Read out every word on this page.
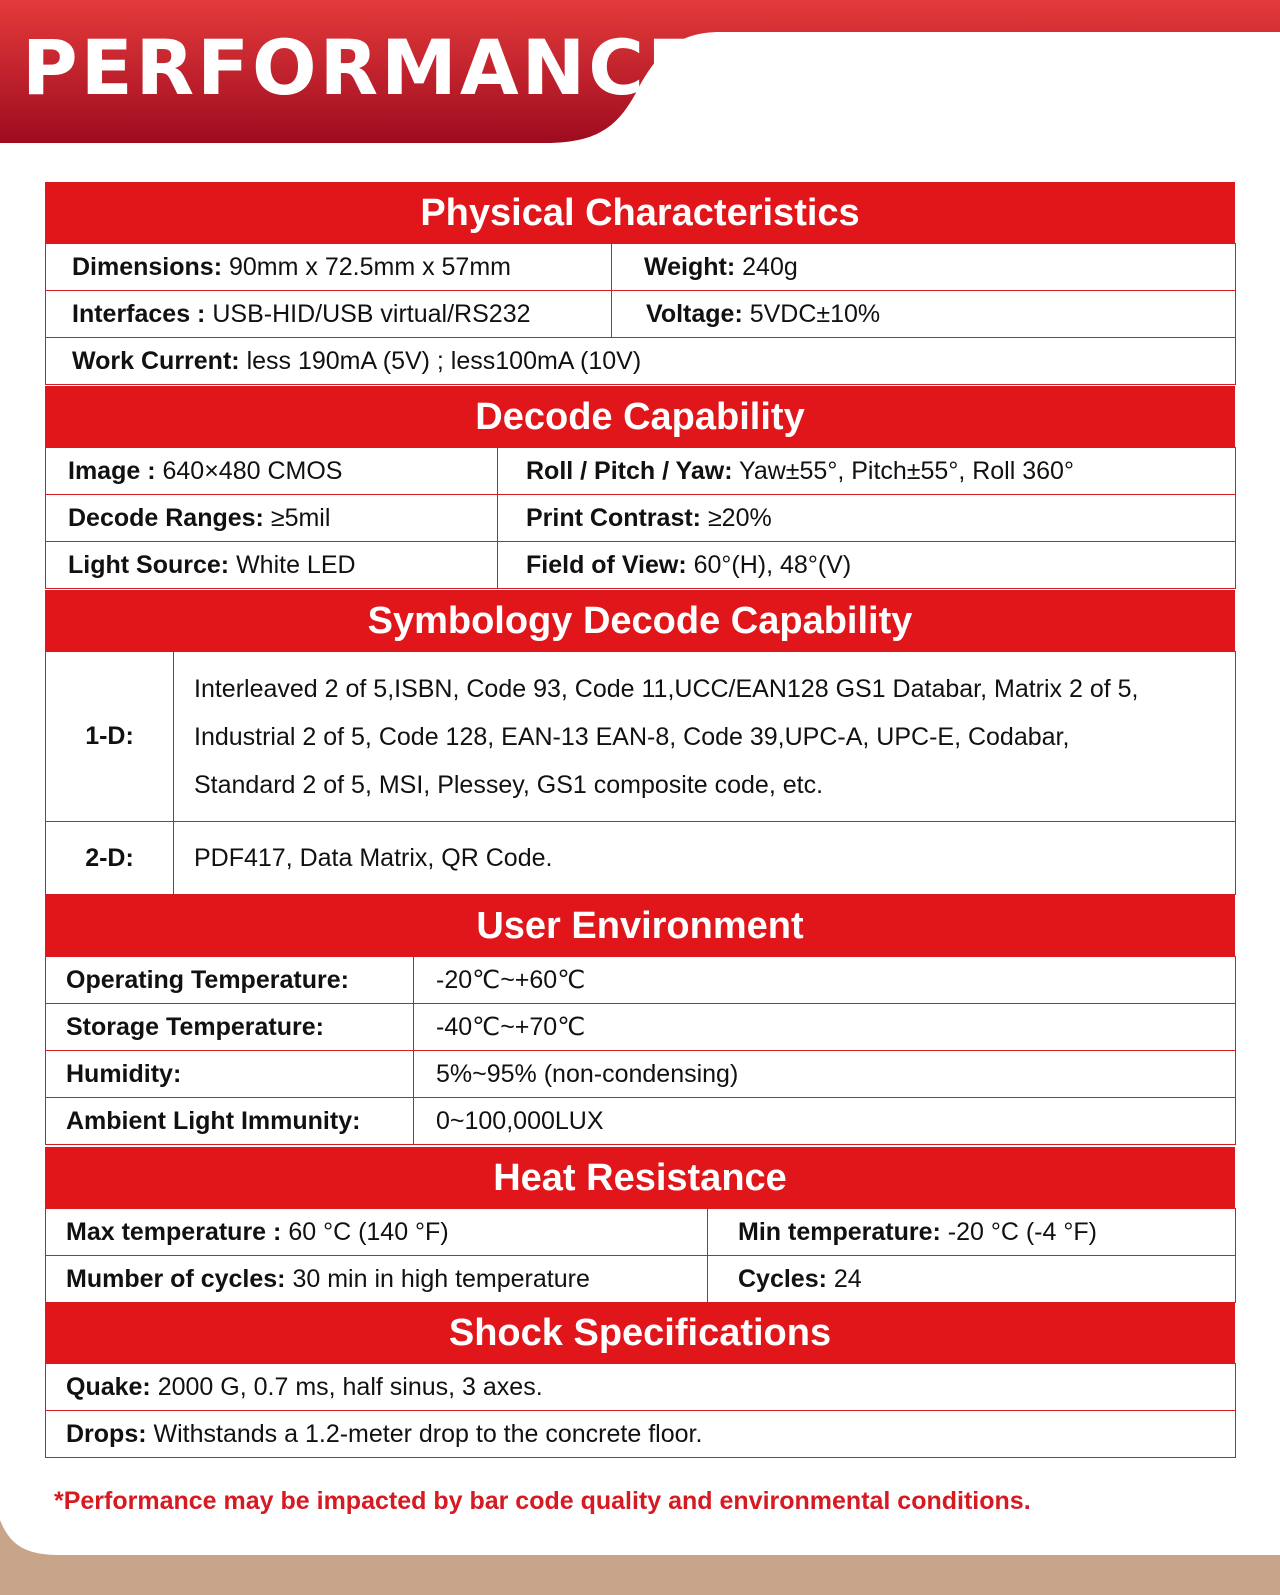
PERFORMANCE
Physical Characteristics
Dimensions: 90mm x 72.5mm x 57mm	Weight: 240g
Interfaces : USB-HID/USB virtual/RS232	Voltage: 5VDC±10%
Work Current: less 190mA (5V) ; less100mA (10V)	
Decode Capability
Image : 640×480 CMOS	Roll / Pitch / Yaw: Yaw±55°, Pitch±55°, Roll 360°
Decode Ranges: ≥5mil	Print Contrast: ≥20%
Light Source: White LED	Field of View: 60°(H), 48°(V)
Symbology Decode Capability
1-D:	Interleaved 2 of 5,ISBN, Code 93, Code 11,UCC/EAN128 GS1 Databar, Matrix 2 of 5,
Industrial 2 of 5, Code 128, EAN-13 EAN-8, Code 39,UPC-A, UPC-E, Codabar,
Standard 2 of 5, MSI, Plessey, GS1 composite code, etc.

2-D:	PDF417, Data Matrix, QR Code.
User Environment
Operating Temperature:	-20℃~+60℃
Storage Temperature:	-40℃~+70℃
Humidity:	5%~95% (non-condensing)
Ambient Light Immunity:	0~100,000LUX
Heat Resistance
Max temperature : 60 °C (140 °F)	Min temperature: -20 °C (-4 °F)
Mumber of cycles: 30 min in high temperature	Cycles: 24
Shock Specifications
Quake: 2000 G, 0.7 ms, half sinus, 3 axes.
Drops: Withstands a 1.2-meter drop to the concrete floor.
*Performance may be impacted by bar code quality and environmental conditions.
